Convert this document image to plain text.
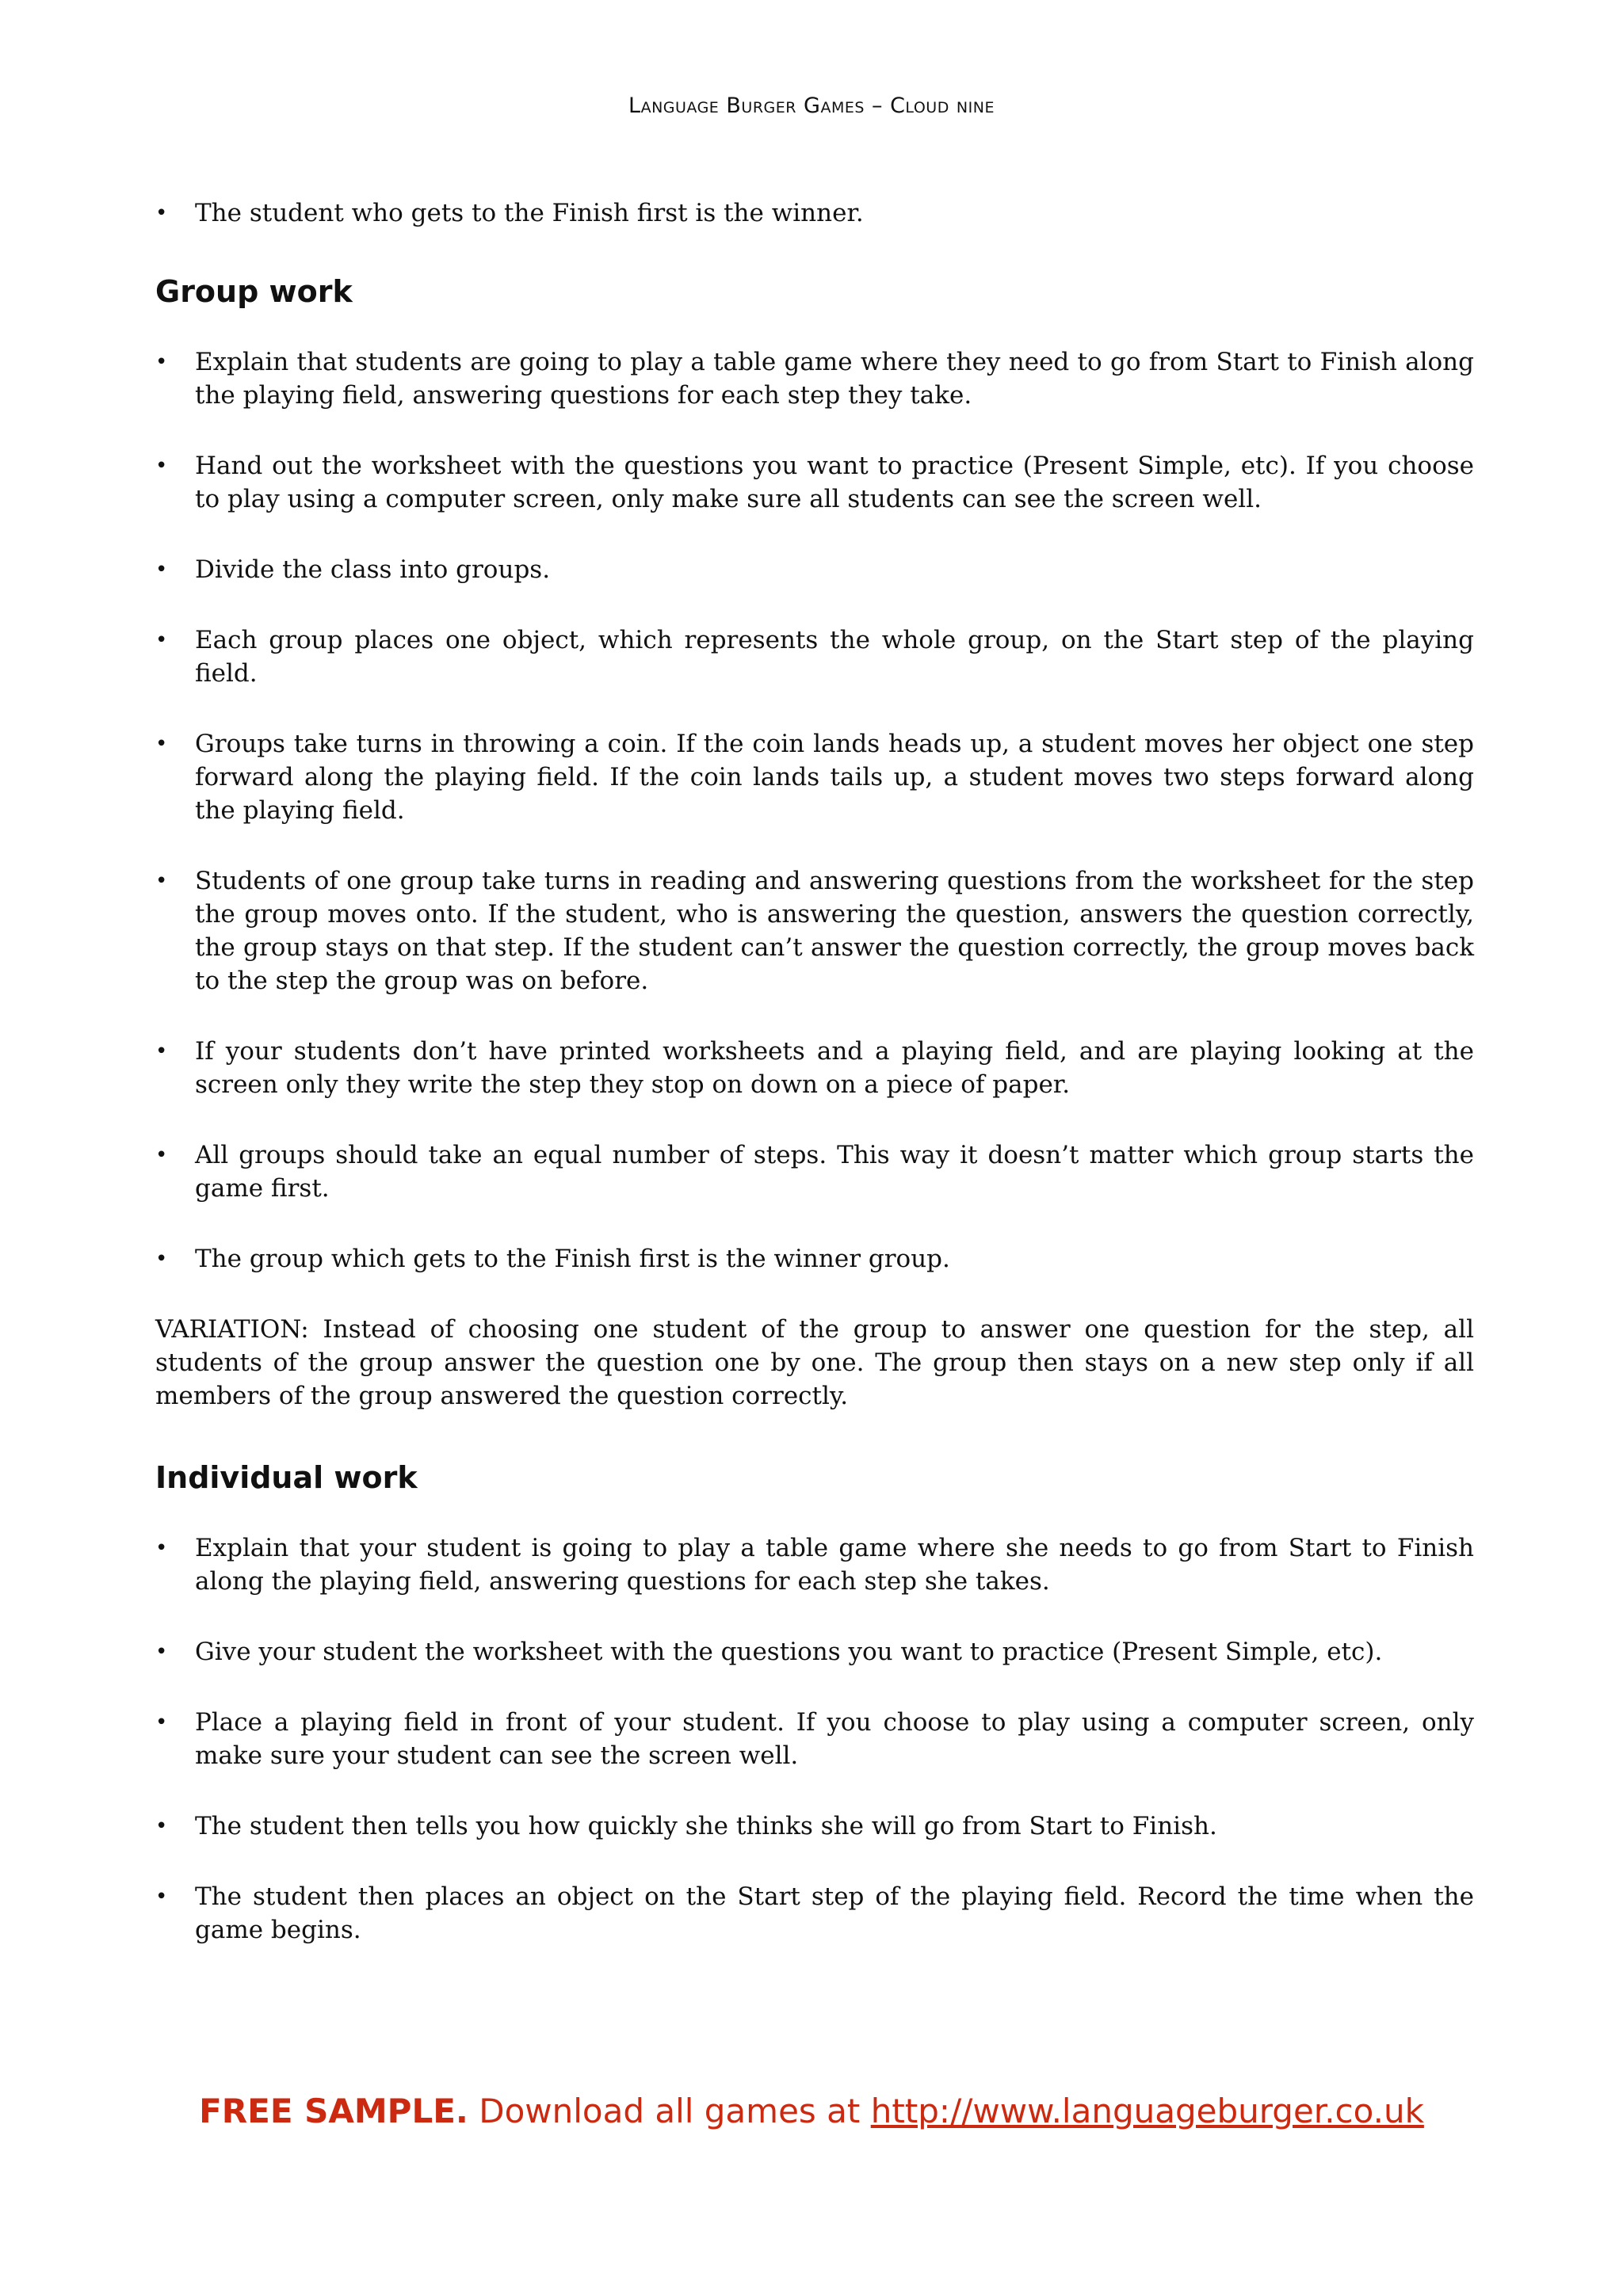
Language Burger Games – Cloud nine
• The student who gets to the Finish first is the winner.
Group work
• Explain that students are going to play a table game where they need to go from Start to Finish along the playing field, answering questions for each step they take.
• Hand out the worksheet with the questions you want to practice (Present Simple, etc). If you choose to play using a computer screen, only make sure all students can see the screen well.
• Divide the class into groups.
• Each group places one object, which represents the whole group, on the Start step of the playing field.
• Groups take turns in throwing a coin. If the coin lands heads up, a student moves her object one step forward along the playing field. If the coin lands tails up, a student moves two steps forward along the playing field.
• Students of one group take turns in reading and answering questions from the worksheet for the step the group moves onto. If the student, who is answering the question, answers the question correctly, the group stays on that step. If the student can’t answer the question correctly, the group moves back to the step the group was on before.
• If your students don’t have printed worksheets and a playing field, and are playing looking at the screen only they write the step they stop on down on a piece of paper.
• All groups should take an equal number of steps. This way it doesn’t matter which group starts the game first.
• The group which gets to the Finish first is the winner group.

VARIATION: Instead of choosing one student of the group to answer one question for the step, all students of the group answer the question one by one. The group then stays on a new step only if all members of the group answered the question correctly.

Individual work
• Explain that your student is going to play a table game where she needs to go from Start to Finish along the playing field, answering questions for each step she takes.
• Give your student the worksheet with the questions you want to practice (Present Simple, etc).
• Place a playing field in front of your student. If you choose to play using a computer screen, only make sure your student can see the screen well.
• The student then tells you how quickly she thinks she will go from Start to Finish.
• The student then places an object on the Start step of the playing field. Record the time when the game begins.
FREE SAMPLE. Download all games at http://www.languageburger.co.uk
